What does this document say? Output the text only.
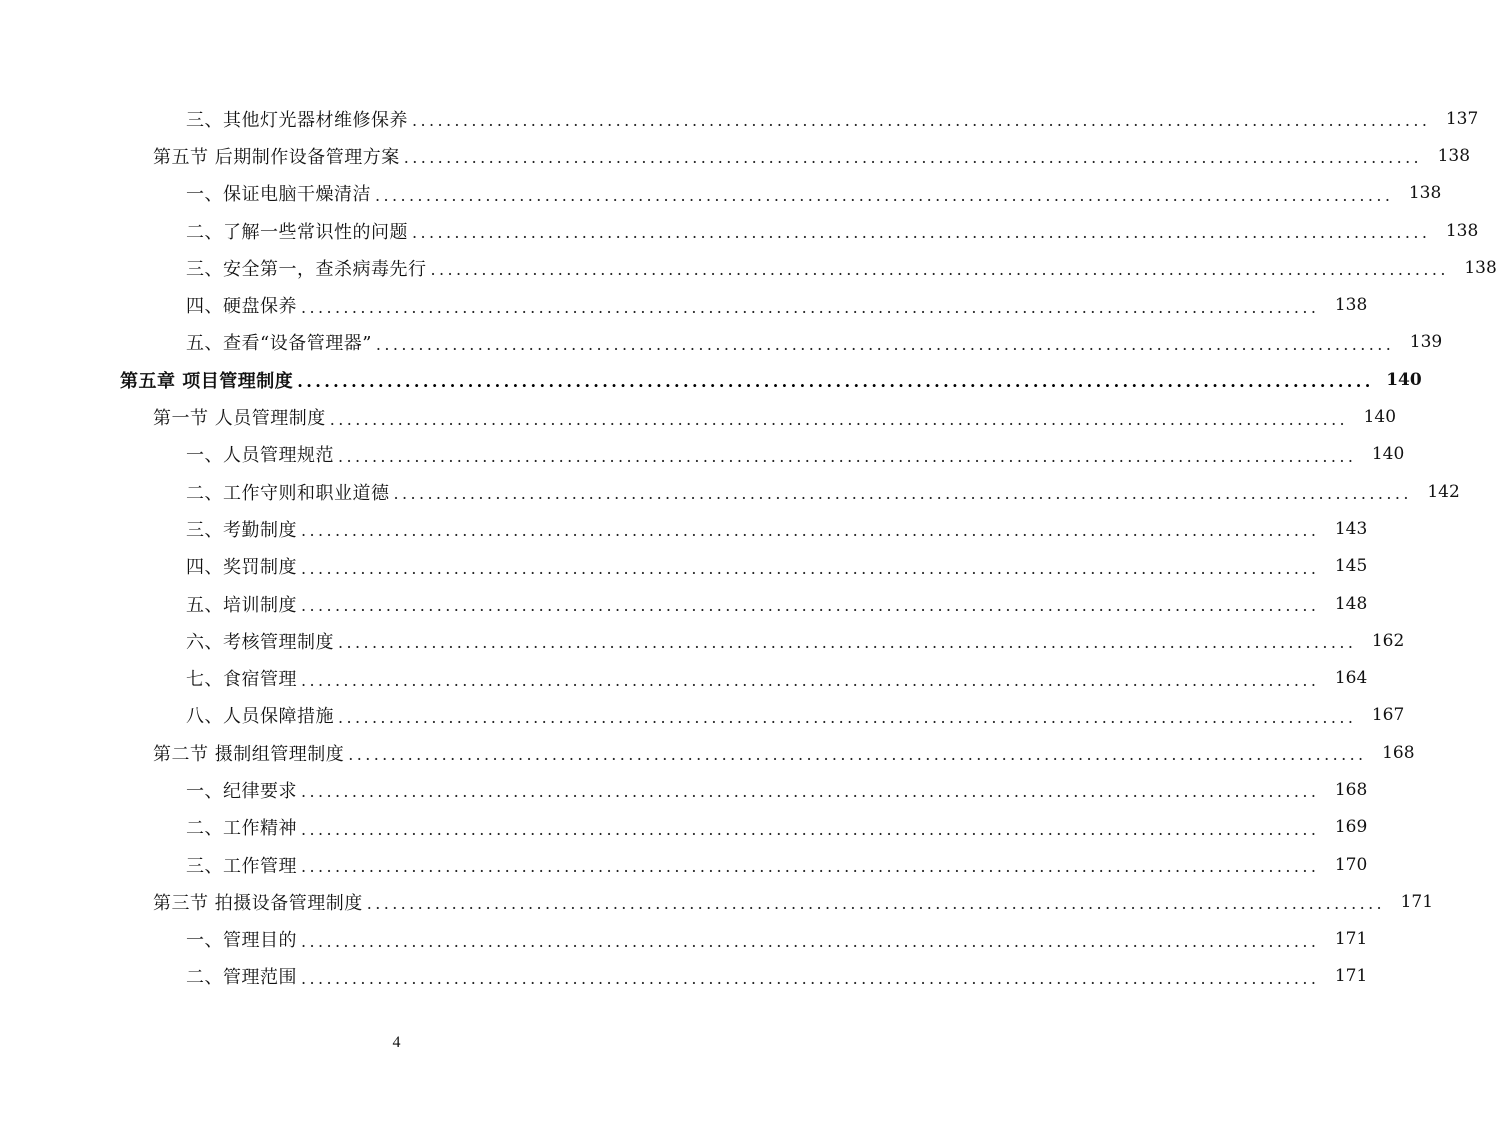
三、其他灯光器材维修保养 ........................................................................................................................ 137
第五节 后期制作设备管理方案 ........................................................................................................................ 138
一、保证电脑干燥清洁 ........................................................................................................................ 138
二、了解一些常识性的问题 ........................................................................................................................ 138
三、安全第一，查杀病毒先行 ........................................................................................................................ 138
四、硬盘保养 ........................................................................................................................ 138
五、查看“设备管理器” ........................................................................................................................ 139
第五章 项目管理制度 ........................................................................................................................ 140
第一节 人员管理制度 ........................................................................................................................ 140
一、人员管理规范 ........................................................................................................................ 140
二、工作守则和职业道德 ........................................................................................................................ 142
三、考勤制度 ........................................................................................................................ 143
四、奖罚制度 ........................................................................................................................ 145
五、培训制度 ........................................................................................................................ 148
六、考核管理制度 ........................................................................................................................ 162
七、食宿管理 ........................................................................................................................ 164
八、人员保障措施 ........................................................................................................................ 167
第二节 摄制组管理制度 ........................................................................................................................ 168
一、纪律要求 ........................................................................................................................ 168
二、工作精神 ........................................................................................................................ 169
三、工作管理 ........................................................................................................................ 170
第三节 拍摄设备管理制度 ........................................................................................................................ 171
一、管理目的 ........................................................................................................................ 171
二、管理范围 ........................................................................................................................ 171
4
